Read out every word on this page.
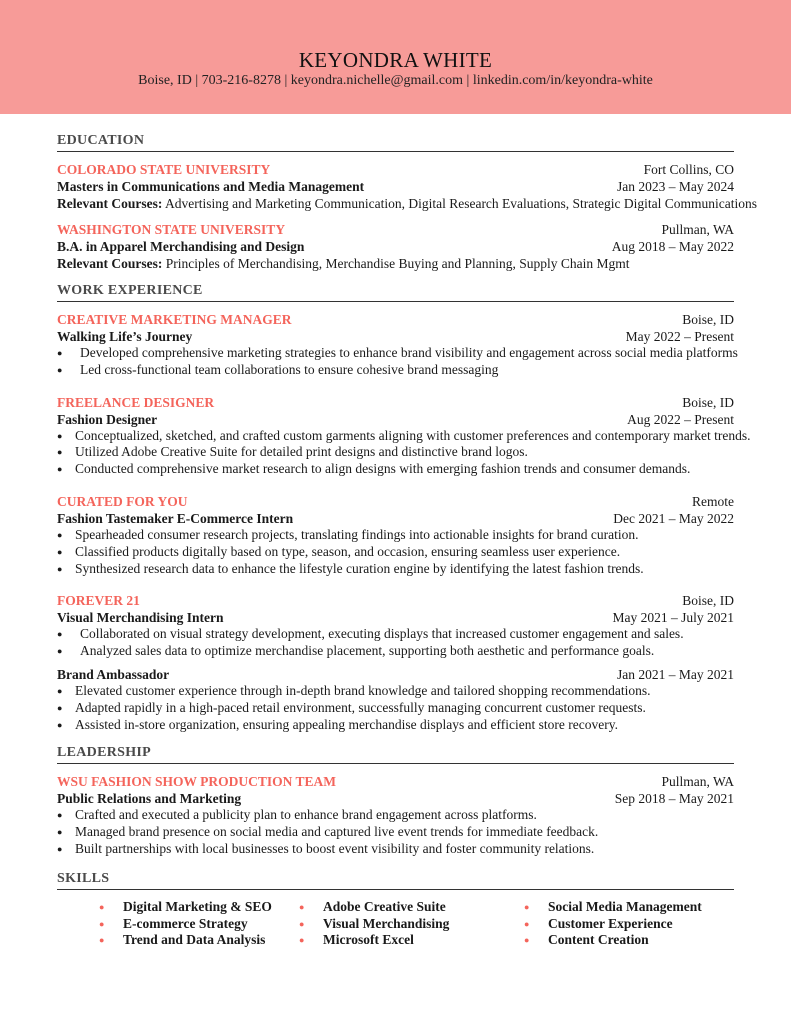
KEYONDRA WHITE
Boise, ID | 703-216-8278 | keyondra.nichelle@gmail.com | linkedin.com/in/keyondra-white
EDUCATION
COLORADO STATE UNIVERSITY	Fort Collins, CO
Masters in Communications and Media Management	Jan 2023 – May 2024
Relevant Courses: Advertising and Marketing Communication, Digital Research Evaluations, Strategic Digital Communications
WASHINGTON STATE UNIVERSITY	Pullman, WA
B.A. in Apparel Merchandising and Design	Aug 2018 – May 2022
Relevant Courses: Principles of Merchandising, Merchandise Buying and Planning, Supply Chain Mgmt
WORK EXPERIENCE
CREATIVE MARKETING MANAGER	Boise, ID
Walking Life’s Journey	May 2022 – Present
● Developed comprehensive marketing strategies to enhance brand visibility and engagement across social media platforms
● Led cross-functional team collaborations to ensure cohesive brand messaging
FREELANCE DESIGNER	Boise, ID
Fashion Designer	Aug 2022 – Present
● Conceptualized, sketched, and crafted custom garments aligning with customer preferences and contemporary market trends.
● Utilized Adobe Creative Suite for detailed print designs and distinctive brand logos.
● Conducted comprehensive market research to align designs with emerging fashion trends and consumer demands.
CURATED FOR YOU	Remote
Fashion Tastemaker E-Commerce Intern	Dec 2021 – May 2022
● Spearheaded consumer research projects, translating findings into actionable insights for brand curation.
● Classified products digitally based on type, season, and occasion, ensuring seamless user experience.
● Synthesized research data to enhance the lifestyle curation engine by identifying the latest fashion trends.
FOREVER 21	Boise, ID
Visual Merchandising Intern	May 2021 – July 2021
● Collaborated on visual strategy development, executing displays that increased customer engagement and sales.
● Analyzed sales data to optimize merchandise placement, supporting both aesthetic and performance goals.
Brand Ambassador	Jan 2021 – May 2021
● Elevated customer experience through in-depth brand knowledge and tailored shopping recommendations.
● Adapted rapidly in a high-paced retail environment, successfully managing concurrent customer requests.
● Assisted in-store organization, ensuring appealing merchandise displays and efficient store recovery.
LEADERSHIP
WSU FASHION SHOW PRODUCTION TEAM	Pullman, WA
Public Relations and Marketing	Sep 2018 – May 2021
● Crafted and executed a publicity plan to enhance brand engagement across platforms.
● Managed brand presence on social media and captured live event trends for immediate feedback.
● Built partnerships with local businesses to boost event visibility and foster community relations.
SKILLS
● Digital Marketing & SEO
● E-commerce Strategy
● Trend and Data Analysis
● Adobe Creative Suite
● Visual Merchandising
● Microsoft Excel
● Social Media Management
● Customer Experience
● Content Creation
